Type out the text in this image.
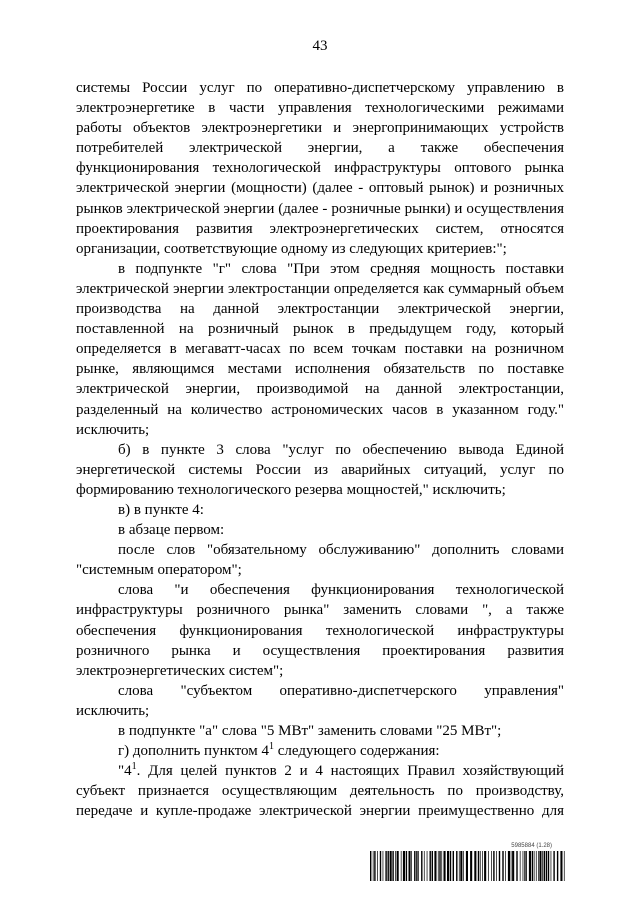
43

системы России услуг по оперативно-диспетчерскому управлению в электроэнергетике в части управления технологическими режимами работы объектов электроэнергетики и энергопринимающих устройств потребителей электрической энергии, а также обеспечения функционирования технологической инфраструктуры оптового рынка электрической энергии (мощности) (далее - оптовый рынок) и розничных рынков электрической энергии (далее - розничные рынки) и осуществления проектирования развития электроэнергетических систем, относятся организации, соответствующие одному из следующих критериев:";

в подпункте "г" слова "При этом средняя мощность поставки электрической энергии электростанции определяется как суммарный объем производства на данной электростанции электрической энергии, поставленной на розничный рынок в предыдущем году, который определяется в мегаватт-часах по всем точкам поставки на розничном рынке, являющимся местами исполнения обязательств по поставке электрической энергии, производимой на данной электростанции, разделенный на количество астрономических часов в указанном году." исключить;

б) в пункте 3 слова "услуг по обеспечению вывода Единой энергетической системы России из аварийных ситуаций, услуг по формированию технологического резерва мощностей," исключить;

в) в пункте 4:

в абзаце первом:

после слов "обязательному обслуживанию" дополнить словами "системным оператором";

слова "и обеспечения функционирования технологической инфраструктуры розничного рынка" заменить словами ", а также обеспечения функционирования технологической инфраструктуры розничного рынка и осуществления проектирования развития электроэнергетических систем";

слова "субъектом оперативно-диспетчерского управления" исключить;

в подпункте "а" слова "5 МВт" заменить словами "25 МВт";

г) дополнить пунктом $4^1$ следующего содержания:

"$4^1$. Для целей пунктов 2 и 4 настоящих Правил хозяйствующий субъект признается осуществляющим деятельность по производству, передаче и купле-продаже электрической энергии преимущественно для

5985884 (1.28)
